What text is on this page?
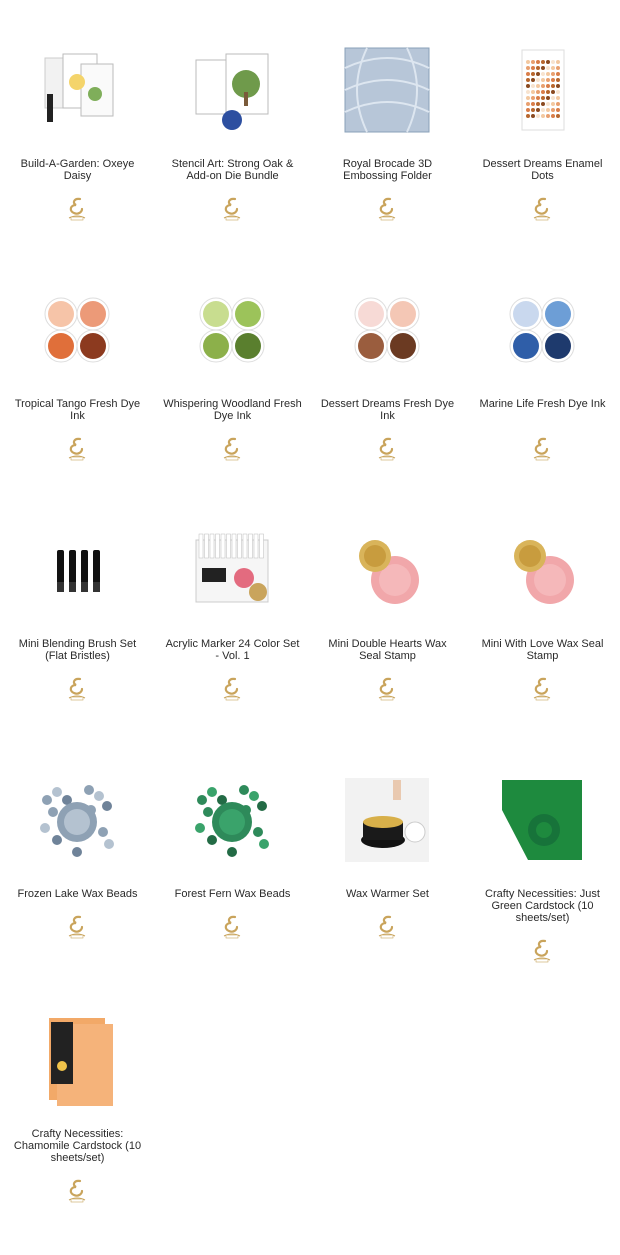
Build-A-Garden: Oxeye Daisy
Stencil Art: Strong Oak & Add-on Die Bundle
Royal Brocade 3D Embossing Folder
Dessert Dreams Enamel Dots
Tropical Tango Fresh Dye Ink
Whispering Woodland Fresh Dye Ink
Dessert Dreams Fresh Dye Ink
Marine Life Fresh Dye Ink
Mini Blending Brush Set (Flat Bristles)
Acrylic Marker 24 Color Set - Vol. 1
Mini Double Hearts Wax Seal Stamp
Mini With Love Wax Seal Stamp
Frozen Lake Wax Beads	Forest Fern Wax Beads	Wax Warmer Set	Crafty Necessities: Just Green Cardstock (10 sheets/set)
Crafty Necessities: Chamomile Cardstock (10 sheets/set)
